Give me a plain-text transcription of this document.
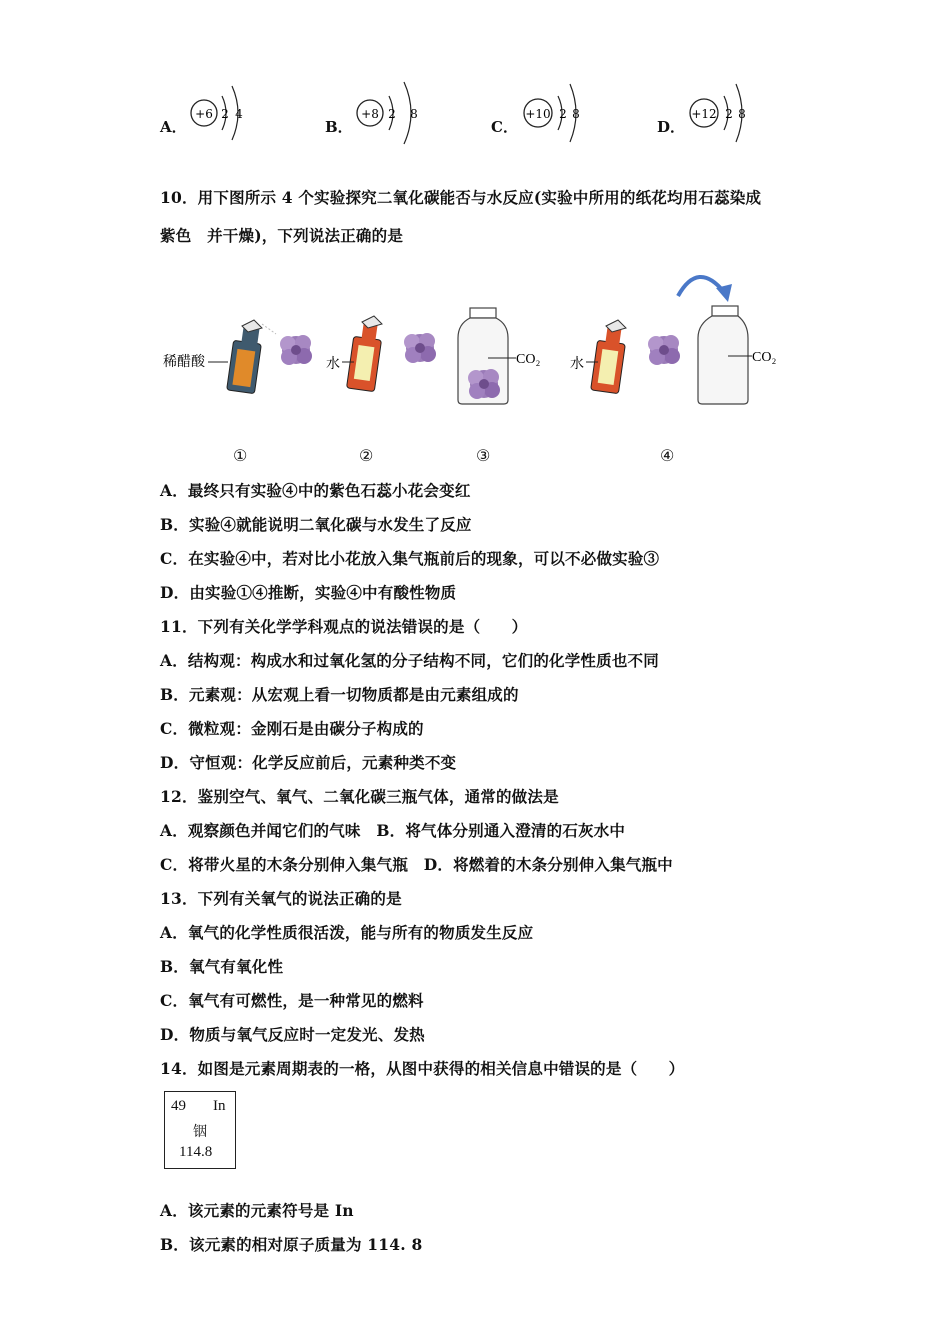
A．
+6 2 4
B．
+8 2 8
C．
+10 2 8
D．
+12 2 8
10．用下图所示 4 个实验探究二氧化碳能否与水反应(实验中所用的纸花均用石蕊染成
紫色　并干燥)，下列说法正确的是
稀醋酸	水	CO₂ 水	CO₂
①	②	③	④
A．最终只有实验④中的紫色石蕊小花会变红
B．实验④就能说明二氧化碳与水发生了反应
C．在实验④中，若对比小花放入集气瓶前后的现象，可以不必做实验③
D．由实验①④推断，实验④中有酸性物质
11．下列有关化学学科观点的说法错误的是（　　）
A．结构观：构成水和过氧化氢的分子结构不同，它们的化学性质也不同
B．元素观：从宏观上看一切物质都是由元素组成的
C．微粒观：金刚石是由碳分子构成的
D．守恒观：化学反应前后，元素种类不变
12．鉴别空气、氧气、二氧化碳三瓶气体，通常的做法是
A．观察颜色并闻它们的气味　B．将气体分别通入澄清的石灰水中
C．将带火星的木条分别伸入集气瓶　D．将燃着的木条分别伸入集气瓶中
13．下列有关氧气的说法正确的是
A．氧气的化学性质很活泼，能与所有的物质发生反应
B．氧气有氧化性
C．氧气有可燃性，是一种常见的燃料
D．物质与氧气反应时一定发光、发热
14．如图是元素周期表的一格，从图中获得的相关信息中错误的是（　　）
49 In
铟
114.8
A．该元素的元素符号是 In
B．该元素的相对原子质量为 114. 8
